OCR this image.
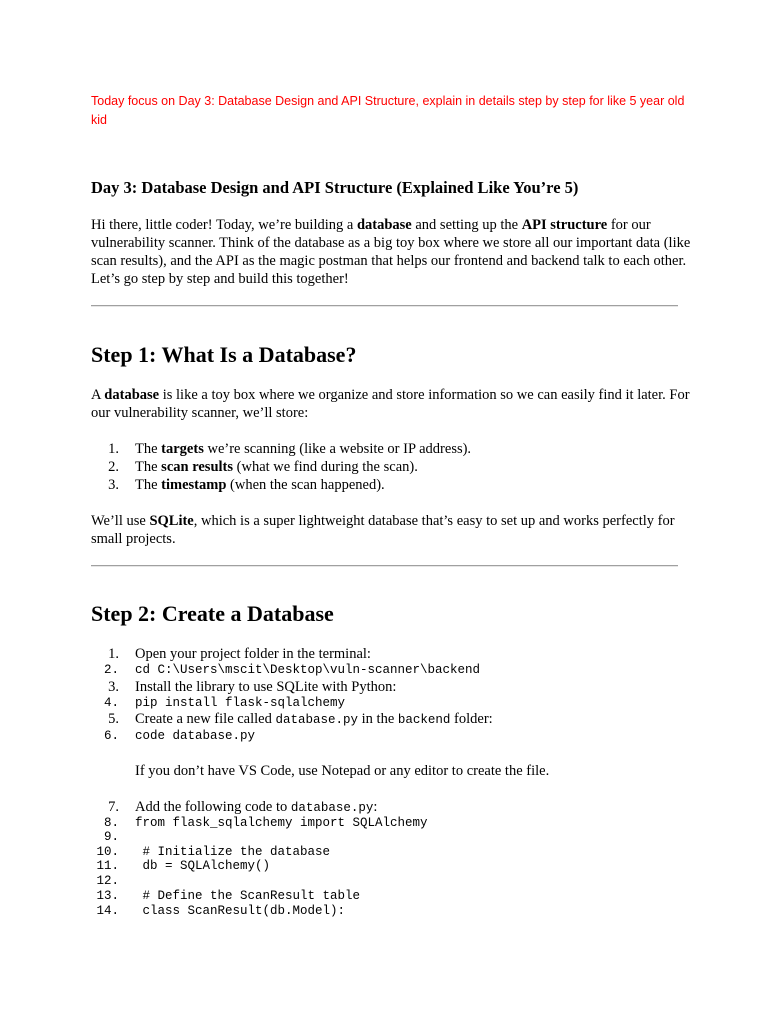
Today focus on Day 3: Database Design and API Structure, explain in details step by step for like 5 year old kid
Day 3: Database Design and API Structure (Explained Like You’re 5)
Hi there, little coder! Today, we’re building a database and setting up the API structure for our vulnerability scanner. Think of the database as a big toy box where we store all our important data (like scan results), and the API as the magic postman that helps our frontend and backend talk to each other. Let’s go step by step and build this together!
Step 1: What Is a Database?
A database is like a toy box where we organize and store information so we can easily find it later. For our vulnerability scanner, we’ll store:
1. The targets we’re scanning (like a website or IP address).
2. The scan results (what we find during the scan).
3. The timestamp (when the scan happened).
We’ll use SQLite, which is a super lightweight database that’s easy to set up and works perfectly for small projects.
Step 2: Create a Database
1. Open your project folder in the terminal:
2. cd C:\Users\mscit\Desktop\vuln-scanner\backend
3. Install the library to use SQLite with Python:
4. pip install flask-sqlalchemy
5. Create a new file called database.py in the backend folder:
6. code database.py
If you don’t have VS Code, use Notepad or any editor to create the file.
7. Add the following code to database.py:
8. from flask_sqlalchemy import SQLAlchemy
9.
10. # Initialize the database
11. db = SQLAlchemy()
12.
13. # Define the ScanResult table
14. class ScanResult(db.Model):
